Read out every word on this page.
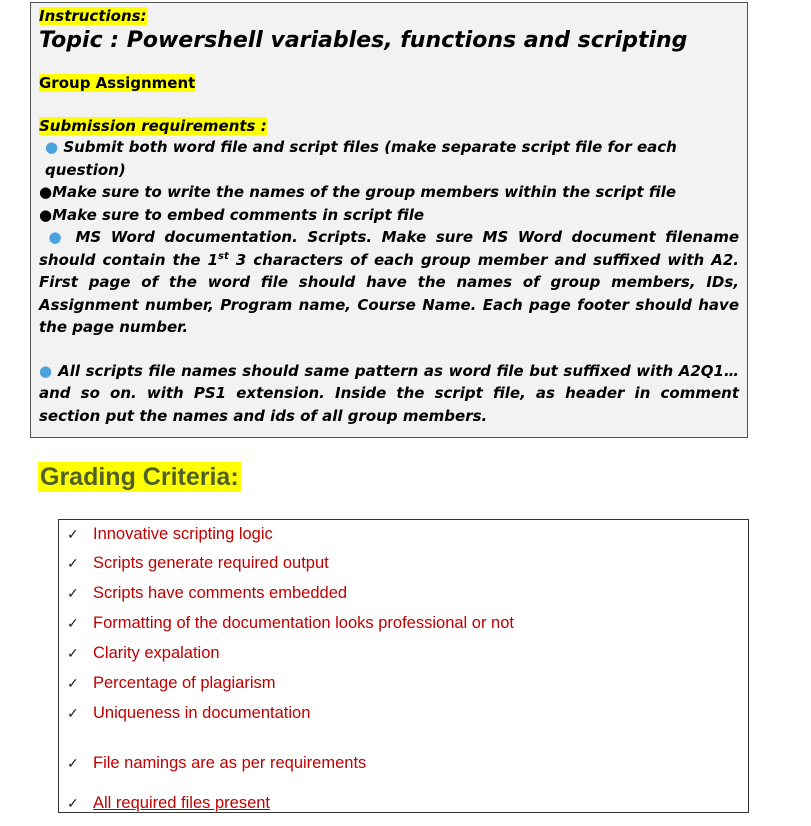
Instructions:
Topic : Powershell variables, functions and scripting
Group Assignment
Submission requirements :
● Submit both word file and script files (make separate script file for each question)
●Make sure to write the names of the group members within the script file
●Make sure to embed comments in script file
● MS Word documentation. Scripts. Make sure MS Word document filename should contain the 1st 3 characters of each group member and suffixed with A2. First page of the word file should have the names of group members, IDs, Assignment number, Program name, Course Name. Each page footer should have the page number.
● All scripts file names should same pattern as word file but suffixed with A2Q1… and so on. with PS1 extension. Inside the script file, as header in comment section put the names and ids of all group members.
Grading Criteria:
✓ Innovative scripting logic
✓ Scripts generate required output
✓ Scripts have comments embedded
✓ Formatting of the documentation looks professional or not
✓ Clarity expalation
✓ Percentage of plagiarism
✓ Uniqueness in documentation
✓ File namings are as per requirements
✓ All required files present
